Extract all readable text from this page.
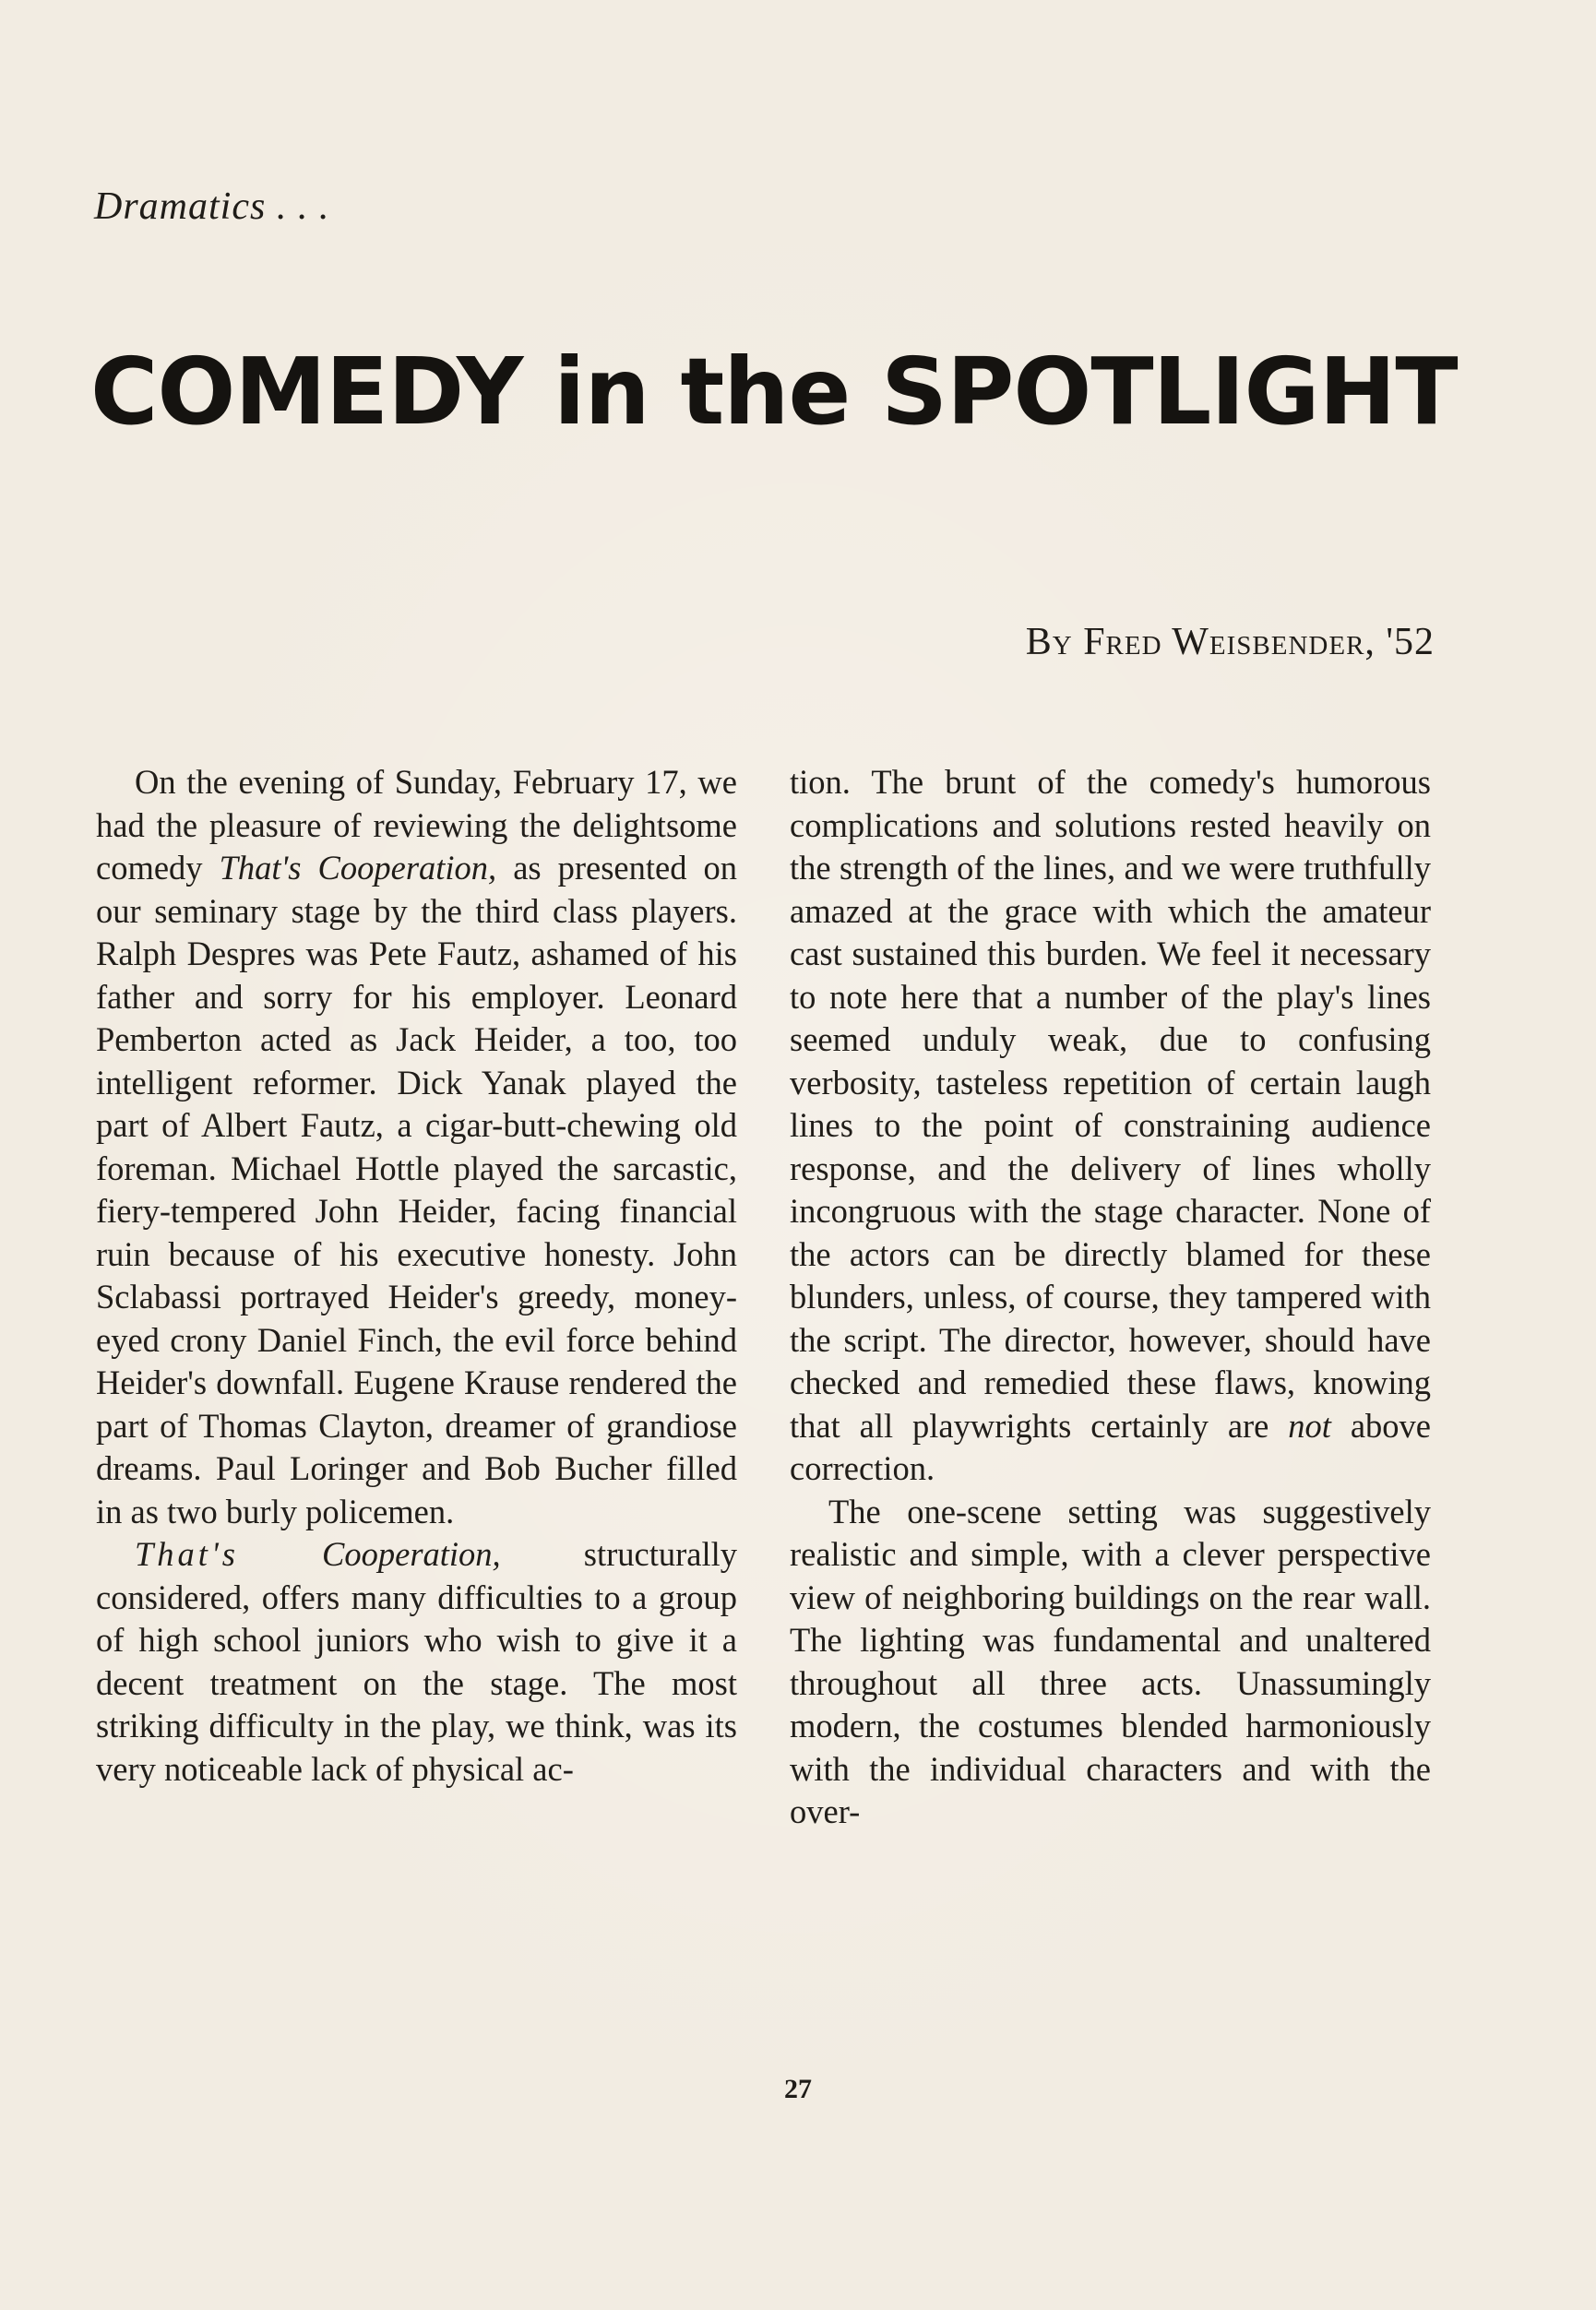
Dramatics . . .
COMEDY in the SPOTLIGHT
By Fred Weisbender, '52

On the evening of Sunday, February 17, we had the pleasure of reviewing the delightsome comedy That's Cooperation, as presented on our seminary stage by the third class players. Ralph Despres was Pete Fautz, ashamed of his father and sorry for his employer. Leonard Pemberton acted as Jack Heider, a too, too intelligent reformer. Dick Yanak played the part of Albert Fautz, a cigar-butt-chewing old foreman. Michael Hottle played the sarcastic, fiery-tempered John Heider, facing financial ruin because of his executive honesty. John Sclabassi portrayed Heider's greedy, money-eyed crony Daniel Finch, the evil force behind Heider's downfall. Eugene Krause rendered the part of Thomas Clayton, dreamer of grandiose dreams. Paul Loringer and Bob Bucher filled in as two burly policemen.

That's Cooperation, structurally considered, offers many difficulties to a group of high school juniors who wish to give it a decent treatment on the stage. The most striking difficulty in the play, we think, was its very noticeable lack of physical ac-

tion. The brunt of the comedy's humorous complications and solutions rested heavily on the strength of the lines, and we were truthfully amazed at the grace with which the amateur cast sustained this burden. We feel it necessary to note here that a number of the play's lines seemed unduly weak, due to confusing verbosity, tasteless repetition of certain laugh lines to the point of constraining audience response, and the delivery of lines wholly incongruous with the stage character. None of the actors can be directly blamed for these blunders, unless, of course, they tampered with the script. The director, however, should have checked and remedied these flaws, knowing that all playwrights certainly are not above correction.

The one-scene setting was suggestively realistic and simple, with a clever perspective view of neighboring buildings on the rear wall. The lighting was fundamental and unaltered throughout all three acts. Unassumingly modern, the costumes blended harmoniously with the individual characters and with the over-

27
